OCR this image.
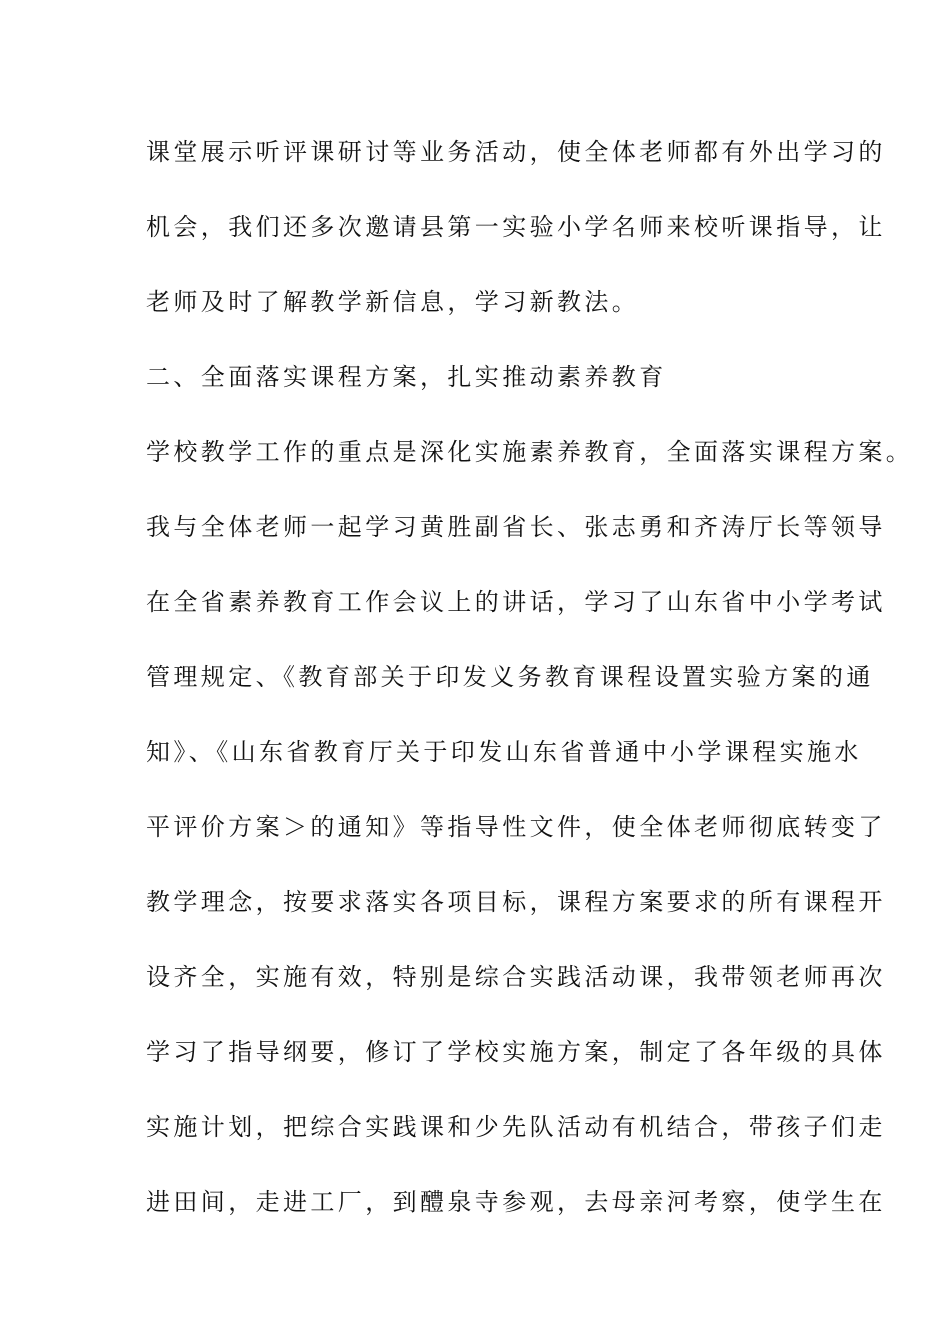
课堂展示听评课研讨等业务活动，使全体老师都有外出学习的
机会，我们还多次邀请县第一实验小学名师来校听课指导，让
老师及时了解教学新信息，学习新教法。
二、全面落实课程方案，扎实推动素养教育
学校教学工作的重点是深化实施素养教育，全面落实课程方案。
我与全体老师一起学习黄胜副省长、张志勇和齐涛厅长等领导
在全省素养教育工作会议上的讲话，学习了山东省中小学考试
管理规定、《教育部关于印发义务教育课程设置实验方案的通
知》、《山东省教育厅关于印发山东省普通中小学课程实施水
平评价方案＞的通知》等指导性文件，使全体老师彻底转变了
教学理念，按要求落实各项目标，课程方案要求的所有课程开
设齐全，实施有效，特别是综合实践活动课，我带领老师再次
学习了指导纲要，修订了学校实施方案，制定了各年级的具体
实施计划，把综合实践课和少先队活动有机结合，带孩子们走
进田间，走进工厂，到醴泉寺参观，去母亲河考察，使学生在
